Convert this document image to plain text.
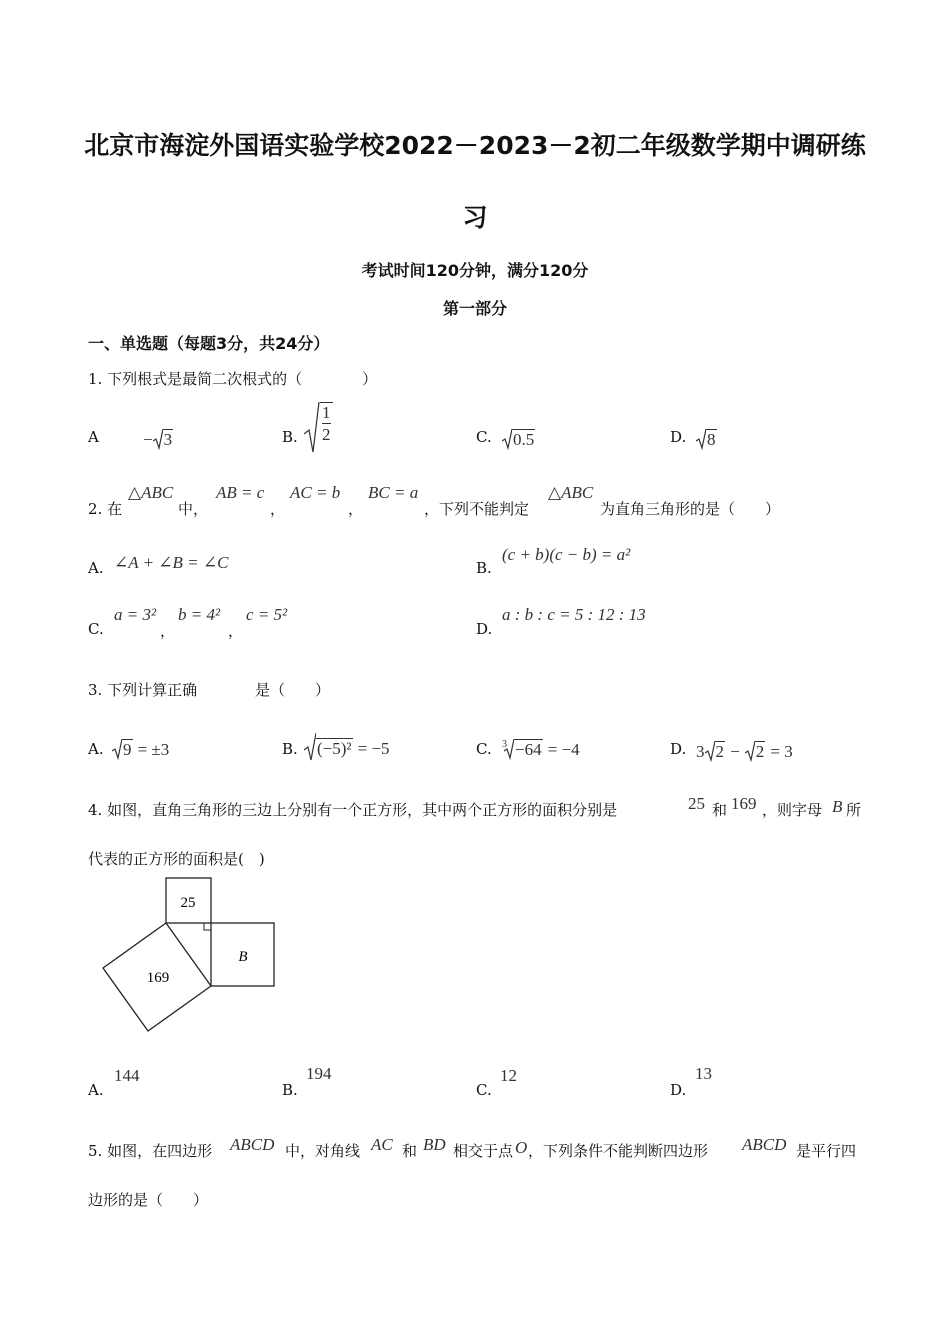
北京市海淀外国语实验学校2022－2023－2初二年级数学期中调研练
习
考试时间120分钟，满分120分
第一部分
一、单选题（每题3分，共24分）
1. 下列根式是最简二次根式的（　　　　）
A	− 3	B. $\frac{1}{2}$	C.	0.5	D.	8
2. 在
△ABC
中，
AB = c
，
AC = b
，
BC = a
，下列不能判定
△ABC
为直角三角形的是（　　）
A. ∠A + ∠B = ∠C	B.
(c + b)(c − b) = a²
C.
a = 3²
，
b = 4²
，
c = 5²
D.
a : b : c = 5 : 12 : 13
3. 下列计算正确	是（　　）
A.	9 = ±3	B.	(−5)² = −5	C. $^3$ −64 = −4	D. 3 2 − 2 = 3
4. 如图，直角三角形的三边上分别有一个正方形，其中两个正方形的面积分别是	25 和 169 ，则字母 B 所
代表的正方形的面积是(　)
25
B
169
A.
144
B.
194
C.
12
D.
13
5. 如图，在四边形 ABCD 中，对角线 AC 和 BD 相交于点 O ，下列条件不能判断四边形 ABCD 是平行四
边形的是（　　）
